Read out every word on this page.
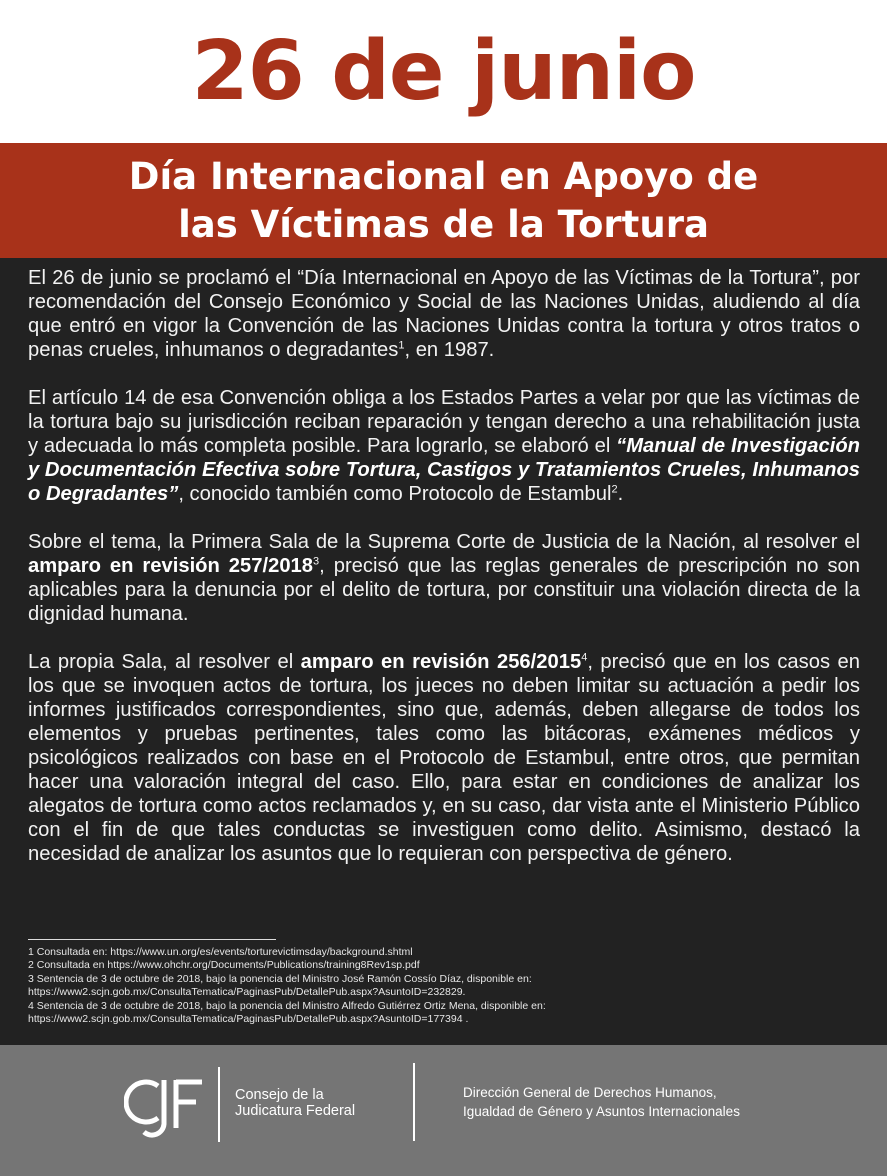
26 de junio
Día Internacional en Apoyo de
las Víctimas de la Tortura

El 26 de junio se proclamó el “Día Internacional en Apoyo de las Víctimas de la Tortura”, por recomendación del Consejo Económico y Social de las Naciones Unidas, aludiendo al día que entró en vigor la Convención de las Naciones Unidas contra la tortura y otros tratos o penas crueles, inhumanos o degradantes$^1$, en 1987.

El artículo 14 de esa Convención obliga a los Estados Partes a velar por que las víctimas de la tortura bajo su jurisdicción reciban reparación y tengan derecho a una rehabilitación justa y adecuada lo más completa posible. Para lograrlo, se elaboró el “Manual de Investigación y Documentación Efectiva sobre Tortura, Castigos y Tratamientos Crueles, Inhumanos o Degradantes”, conocido también como Protocolo de Estambul$^2$.

Sobre el tema, la Primera Sala de la Suprema Corte de Justicia de la Nación, al resolver el amparo en revisión 257/2018$^3$, precisó que las reglas generales de prescripción no son aplicables para la denuncia por el delito de tortura, por constituir una violación directa de la dignidad humana.

La propia Sala, al resolver el amparo en revisión 256/2015$^4$, precisó que en los casos en los que se invoquen actos de tortura, los jueces no deben limitar su actuación a pedir los informes justificados correspondientes, sino que, además, deben allegarse de todos los elementos y pruebas pertinentes, tales como las bitácoras, exámenes médicos y psicológicos realizados con base en el Protocolo de Estambul, entre otros, que permitan hacer una valoración integral del caso. Ello, para estar en condiciones de analizar los alegatos de tortura como actos reclamados y, en su caso, dar vista ante el Ministerio Público con el fin de que tales conductas se investiguen como delito. Asimismo, destacó la necesidad de analizar los asuntos que lo requieran con perspectiva de género.

1 Consultada en: https://www.un.org/es/events/torturevictimsday/background.shtml
2 Consultada en https://www.ohchr.org/Documents/Publications/training8Rev1sp.pdf
3 Sentencia de 3 de octubre de 2018, bajo la ponencia del Ministro José Ramón Cossío Díaz, disponible en:
https://www2.scjn.gob.mx/ConsultaTematica/PaginasPub/DetallePub.aspx?AsuntoID=232829.
4 Sentencia de 3 de octubre de 2018, bajo la ponencia del Ministro Alfredo Gutiérrez Ortiz Mena, disponible en:
https://www2.scjn.gob.mx/ConsultaTematica/PaginasPub/DetallePub.aspx?AsuntoID=177394 .
Consejo de la
Judicatura Federal
Dirección General de Derechos Humanos,
Igualdad de Género y Asuntos Internacionales
